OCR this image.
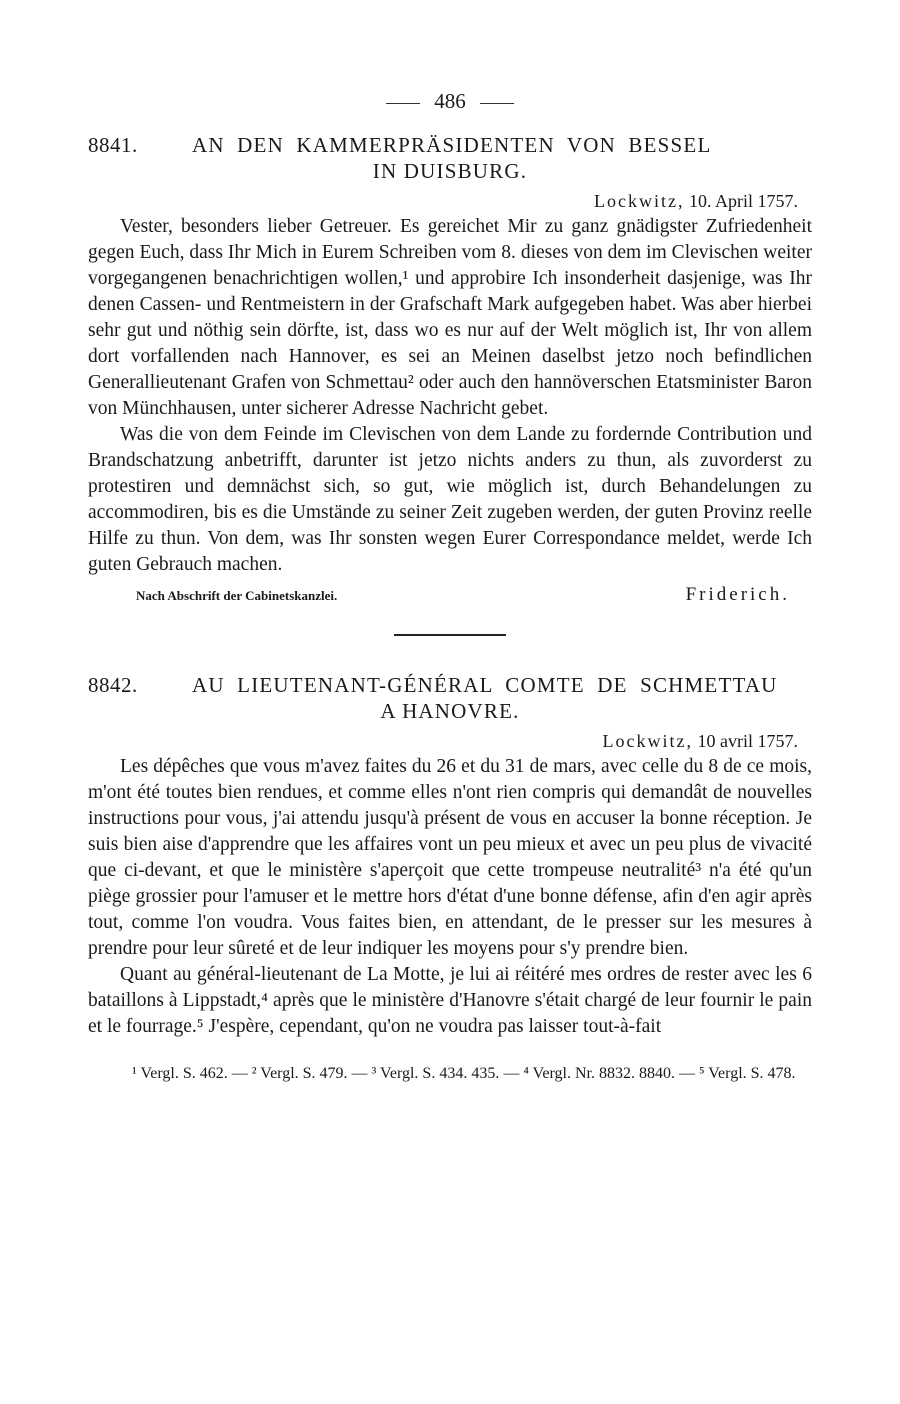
486
8841.	AN DEN KAMMERPRÄSIDENTEN VON BESSEL
IN DUISBURG.
Lockwitz, 10. April 1757.

Vester, besonders lieber Getreuer. Es gereichet Mir zu ganz gnädigster Zufriedenheit gegen Euch, dass Ihr Mich in Eurem Schreiben vom 8. dieses von dem im Clevischen weiter vorgegangenen benachrichtigen wollen,¹ und approbire Ich insonderheit dasjenige, was Ihr denen Cassen- und Rentmeistern in der Grafschaft Mark aufgegeben habet. Was aber hierbei sehr gut und nöthig sein dörfte, ist, dass wo es nur auf der Welt möglich ist, Ihr von allem dort vorfallenden nach Hannover, es sei an Meinen daselbst jetzo noch befindlichen Generallieutenant Grafen von Schmettau² oder auch den hannöverschen Etatsminister Baron von Münchhausen, unter sicherer Adresse Nachricht gebet.

Was die von dem Feinde im Clevischen von dem Lande zu fordernde Contribution und Brandschatzung anbetrifft, darunter ist jetzo nichts anders zu thun, als zuvorderst zu protestiren und demnächst sich, so gut, wie möglich ist, durch Behandelungen zu accommodiren, bis es die Umstände zu seiner Zeit zugeben werden, der guten Provinz reelle Hilfe zu thun. Von dem, was Ihr sonsten wegen Eurer Correspondance meldet, werde Ich guten Gebrauch machen.

Nach Abschrift der Cabinetskanzlei.	Friderich.
8842.	AU LIEUTENANT-GÉNÉRAL COMTE DE SCHMETTAU
A HANOVRE.
Lockwitz, 10 avril 1757.

Les dépêches que vous m'avez faites du 26 et du 31 de mars, avec celle du 8 de ce mois, m'ont été toutes bien rendues, et comme elles n'ont rien compris qui demandât de nouvelles instructions pour vous, j'ai attendu jusqu'à présent de vous en accuser la bonne réception. Je suis bien aise d'apprendre que les affaires vont un peu mieux et avec un peu plus de vivacité que ci-devant, et que le ministère s'aperçoit que cette trompeuse neutralité³ n'a été qu'un piège grossier pour l'amuser et le mettre hors d'état d'une bonne défense, afin d'en agir après tout, comme l'on voudra. Vous faites bien, en attendant, de le presser sur les mesures à prendre pour leur sûreté et de leur indiquer les moyens pour s'y prendre bien.

Quant au général-lieutenant de La Motte, je lui ai réitéré mes ordres de rester avec les 6 bataillons à Lippstadt,⁴ après que le ministère d'Hanovre s'était chargé de leur fournir le pain et le fourrage.⁵ J'espère, cependant, qu'on ne voudra pas laisser tout-à-fait

¹ Vergl. S. 462. — ² Vergl. S. 479. — ³ Vergl. S. 434. 435. — ⁴ Vergl. Nr. 8832. 8840. — ⁵ Vergl. S. 478.
